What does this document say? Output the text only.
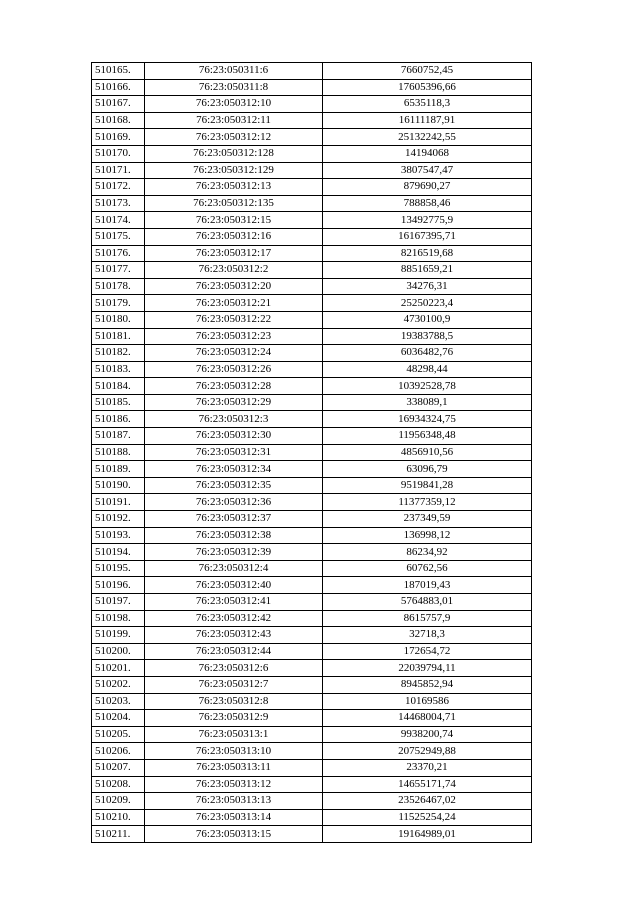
510165.	76:23:050311:6	7660752,45
510166.	76:23:050311:8	17605396,66
510167.	76:23:050312:10	6535118,3
510168.	76:23:050312:11	16111187,91
510169.	76:23:050312:12	25132242,55
510170.	76:23:050312:128	14194068
510171.	76:23:050312:129	3807547,47
510172.	76:23:050312:13	879690,27
510173.	76:23:050312:135	788858,46
510174.	76:23:050312:15	13492775,9
510175.	76:23:050312:16	16167395,71
510176.	76:23:050312:17	8216519,68
510177.	76:23:050312:2	8851659,21
510178.	76:23:050312:20	34276,31
510179.	76:23:050312:21	25250223,4
510180.	76:23:050312:22	4730100,9
510181.	76:23:050312:23	19383788,5
510182.	76:23:050312:24	6036482,76
510183.	76:23:050312:26	48298,44
510184.	76:23:050312:28	10392528,78
510185.	76:23:050312:29	338089,1
510186.	76:23:050312:3	16934324,75
510187.	76:23:050312:30	11956348,48
510188.	76:23:050312:31	4856910,56
510189.	76:23:050312:34	63096,79
510190.	76:23:050312:35	9519841,28
510191.	76:23:050312:36	11377359,12
510192.	76:23:050312:37	237349,59
510193.	76:23:050312:38	136998,12
510194.	76:23:050312:39	86234,92
510195.	76:23:050312:4	60762,56
510196.	76:23:050312:40	187019,43
510197.	76:23:050312:41	5764883,01
510198.	76:23:050312:42	8615757,9
510199.	76:23:050312:43	32718,3
510200.	76:23:050312:44	172654,72
510201.	76:23:050312:6	22039794,11
510202.	76:23:050312:7	8945852,94
510203.	76:23:050312:8	10169586
510204.	76:23:050312:9	14468004,71
510205.	76:23:050313:1	9938200,74
510206.	76:23:050313:10	20752949,88
510207.	76:23:050313:11	23370,21
510208.	76:23:050313:12	14655171,74
510209.	76:23:050313:13	23526467,02
510210.	76:23:050313:14	11525254,24
510211.	76:23:050313:15	19164989,01
